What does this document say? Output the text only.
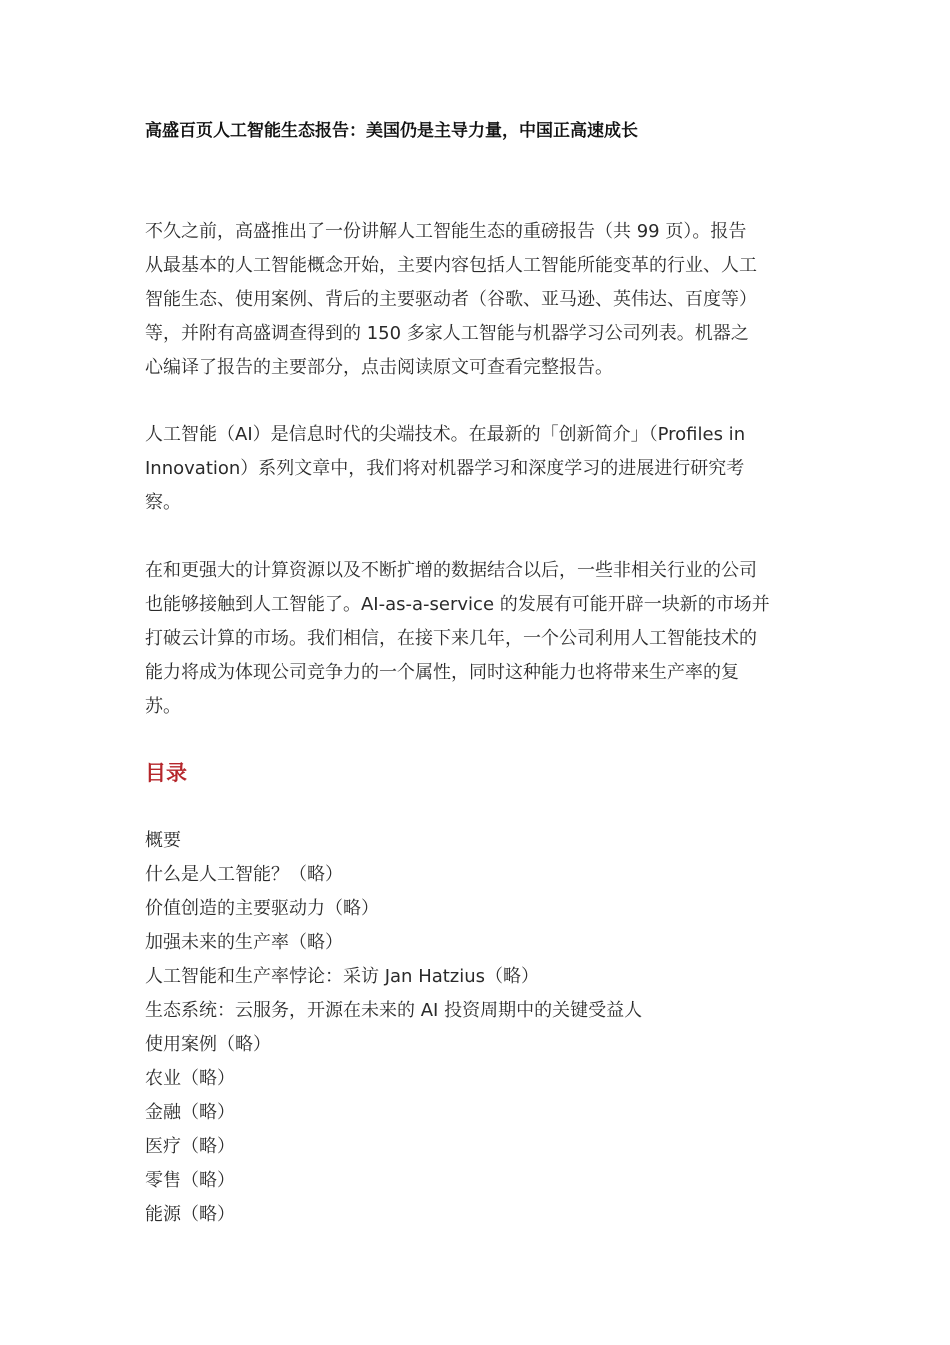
高盛百页人工智能生态报告：美国仍是主导力量，中国正高速成长

不久之前，高盛推出了一份讲解人工智能生态的重磅报告（共 99 页）。报告
从最基本的人工智能概念开始，主要内容包括人工智能所能变革的行业、人工
智能生态、使用案例、背后的主要驱动者（谷歌、亚马逊、英伟达、百度等）
等，并附有高盛调查得到的 150 多家人工智能与机器学习公司列表。机器之
心编译了报告的主要部分，点击阅读原文可查看完整报告。

人工智能（AI）是信息时代的尖端技术。在最新的「创新简介」（Profiles in
Innovation）系列文章中，我们将对机器学习和深度学习的进展进行研究考
察。

在和更强大的计算资源以及不断扩增的数据结合以后，一些非相关行业的公司
也能够接触到人工智能了。AI-as-a-service 的发展有可能开辟一块新的市场并
打破云计算的市场。我们相信，在接下来几年，一个公司利用人工智能技术的
能力将成为体现公司竞争力的一个属性，同时这种能力也将带来生产率的复
苏。

目录
概要
什么是人工智能？（略）
价值创造的主要驱动力（略）
加强未来的生产率（略）
人工智能和生产率悖论：采访 Jan Hatzius（略）
生态系统：云服务，开源在未来的 AI 投资周期中的关键受益人
使用案例（略）
农业（略）
金融（略）
医疗（略）
零售（略）
能源（略）
